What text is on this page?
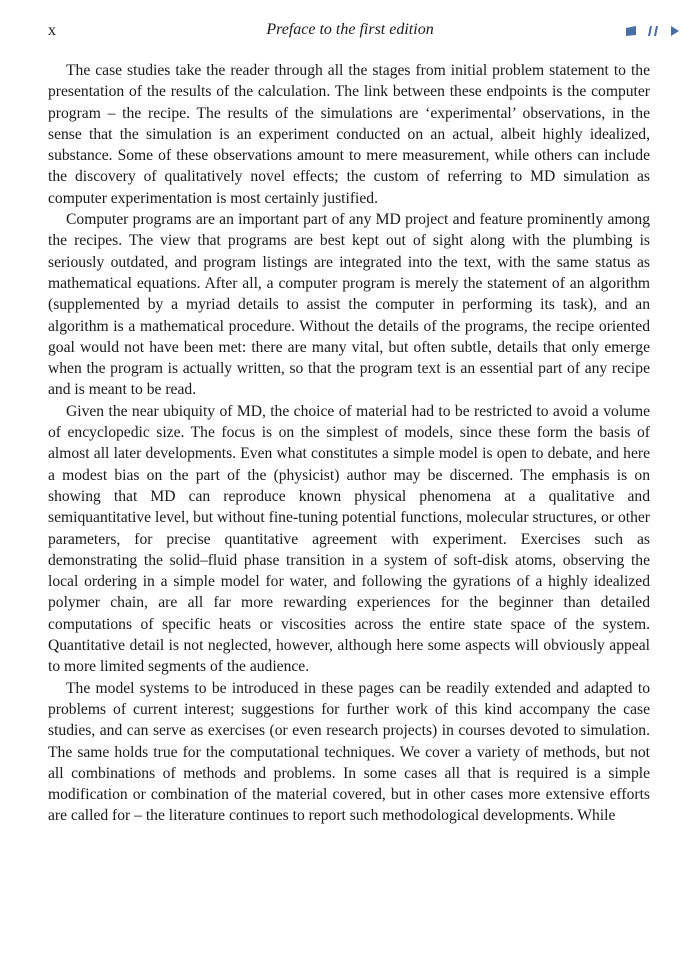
x	Preface to the first edition

The case studies take the reader through all the stages from initial problem statement to the presentation of the results of the calculation. The link between these endpoints is the computer program – the recipe. The results of the simulations are ‘experimental’ observations, in the sense that the simulation is an experiment conducted on an actual, albeit highly idealized, substance. Some of these observations amount to mere measurement, while others can include the discovery of qualitatively novel effects; the custom of referring to MD simulation as computer experimentation is most certainly justified.

Computer programs are an important part of any MD project and feature prominently among the recipes. The view that programs are best kept out of sight along with the plumbing is seriously outdated, and program listings are integrated into the text, with the same status as mathematical equations. After all, a computer program is merely the statement of an algorithm (supplemented by a myriad details to assist the computer in performing its task), and an algorithm is a mathematical procedure. Without the details of the programs, the recipe oriented goal would not have been met: there are many vital, but often subtle, details that only emerge when the program is actually written, so that the program text is an essential part of any recipe and is meant to be read.

Given the near ubiquity of MD, the choice of material had to be restricted to avoid a volume of encyclopedic size. The focus is on the simplest of models, since these form the basis of almost all later developments. Even what constitutes a simple model is open to debate, and here a modest bias on the part of the (physicist) author may be discerned. The emphasis is on showing that MD can reproduce known physical phenomena at a qualitative and semiquantitative level, but without fine-tuning potential functions, molecular structures, or other parameters, for precise quantitative agreement with experiment. Exercises such as demonstrating the solid–fluid phase transition in a system of soft-disk atoms, observing the local ordering in a simple model for water, and following the gyrations of a highly idealized polymer chain, are all far more rewarding experiences for the beginner than detailed computations of specific heats or viscosities across the entire state space of the system. Quantitative detail is not neglected, however, although here some aspects will obviously appeal to more limited segments of the audience.

The model systems to be introduced in these pages can be readily extended and adapted to problems of current interest; suggestions for further work of this kind accompany the case studies, and can serve as exercises (or even research projects) in courses devoted to simulation. The same holds true for the computational techniques. We cover a variety of methods, but not all combinations of methods and problems. In some cases all that is required is a simple modification or combination of the material covered, but in other cases more extensive efforts are called for – the literature continues to report such methodological developments. While
